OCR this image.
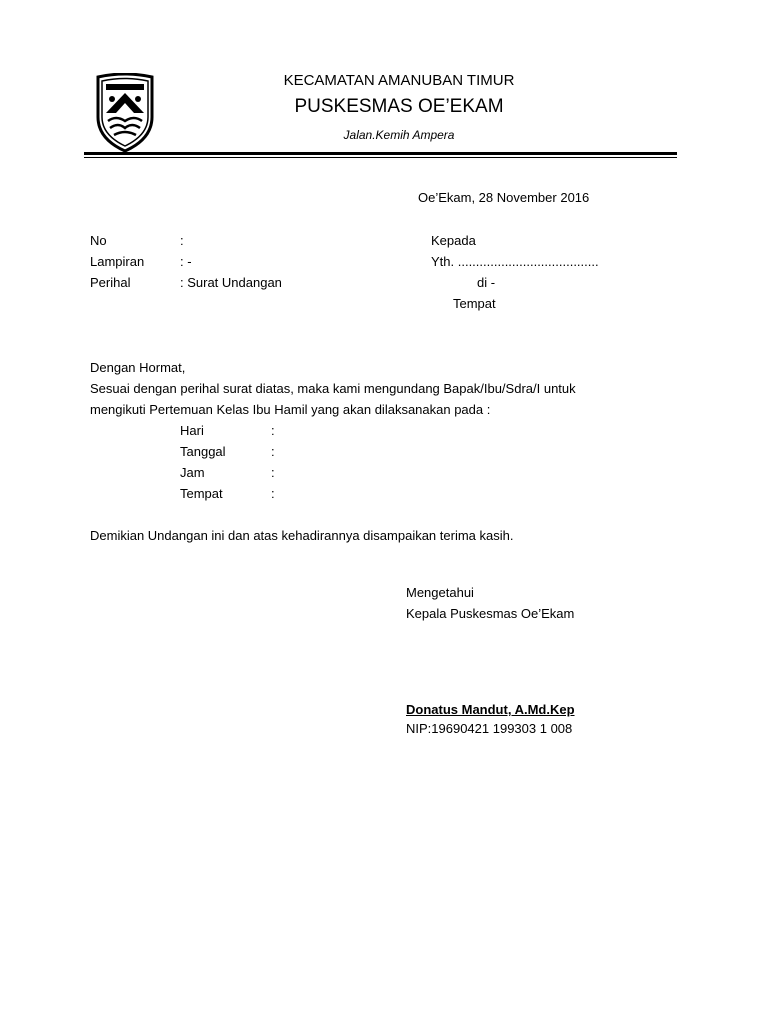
KECAMATAN AMANUBAN TIMUR
PUSKESMAS OE’EKAM
Jalan.Kemih Ampera
Oe’Ekam, 28 November 2016
No	:
Lampiran	: -
Perihal	: Surat Undangan
Kepada
Yth. .......................................
di -
Tempat
Dengan Hormat,
Sesuai dengan perihal surat diatas, maka kami mengundang Bapak/Ibu/Sdra/I untuk
mengikuti Pertemuan Kelas Ibu Hamil yang akan dilaksanakan pada :
Hari	:
Tanggal	:
Jam	:
Tempat	:
Demikian Undangan ini dan atas kehadirannya disampaikan terima kasih.
Mengetahui
Kepala Puskesmas Oe’Ekam
Donatus Mandut, A.Md.Kep
NIP:19690421 199303 1 008
